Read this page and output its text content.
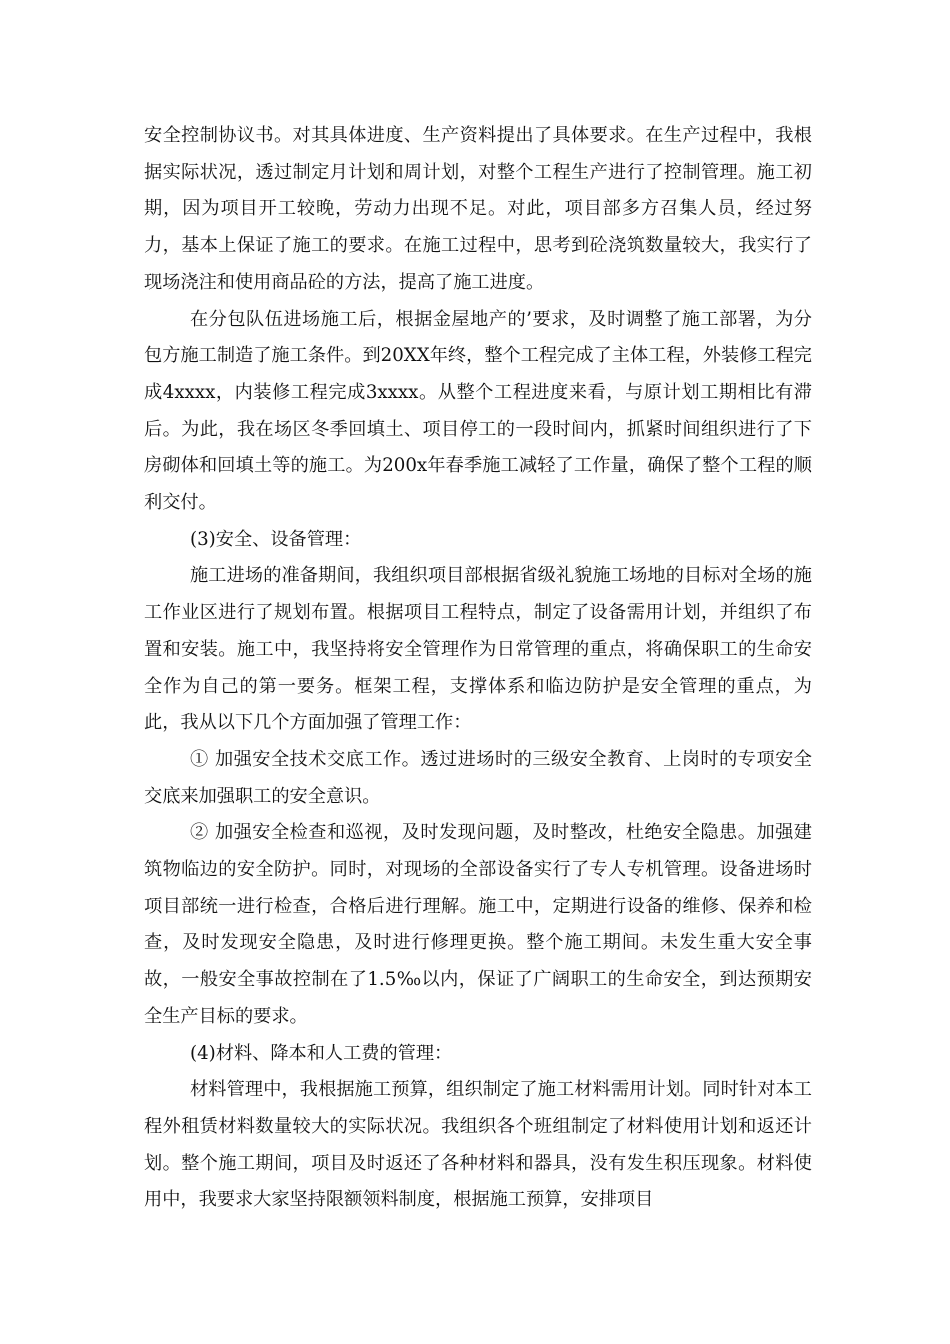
安全控制协议书。对其具体进度、生产资料提出了具体要求。在生产过程中，我根据实际状况，透过制定月计划和周计划，对整个工程生产进行了控制管理。施工初期，因为项目开工较晚，劳动力出现不足。对此，项目部多方召集人员，经过努力，基本上保证了施工的要求。在施工过程中，思考到砼浇筑数量较大，我实行了现场浇注和使用商品砼的方法，提高了施工进度。

在分包队伍进场施工后，根据金屋地产的’要求，及时调整了施工部署，为分包方施工制造了施工条件。到20XX年终，整个工程完成了主体工程，外装修工程完成4xxxx，内装修工程完成3xxxx。从整个工程进度来看，与原计划工期相比有滞后。为此，我在场区冬季回填土、项目停工的一段时间内，抓紧时间组织进行了下房砌体和回填土等的施工。为200x年春季施工减轻了工作量，确保了整个工程的顺利交付。

(3)安全、设备管理：

施工进场的准备期间，我组织项目部根据省级礼貌施工场地的目标对全场的施工作业区进行了规划布置。根据项目工程特点，制定了设备需用计划，并组织了布置和安装。施工中，我坚持将安全管理作为日常管理的重点，将确保职工的生命安全作为自己的第一要务。框架工程，支撑体系和临边防护是安全管理的重点，为此，我从以下几个方面加强了管理工作：

① 加强安全技术交底工作。透过进场时的三级安全教育、上岗时的专项安全交底来加强职工的安全意识。

② 加强安全检查和巡视，及时发现问题，及时整改，杜绝安全隐患。加强建筑物临边的安全防护。同时，对现场的全部设备实行了专人专机管理。设备进场时项目部统一进行检查，合格后进行理解。施工中，定期进行设备的维修、保养和检查，及时发现安全隐患，及时进行修理更换。整个施工期间。未发生重大安全事故，一般安全事故控制在了1.5‰以内，保证了广阔职工的生命安全，到达预期安全生产目标的要求。

(4)材料、降本和人工费的管理：

材料管理中，我根据施工预算，组织制定了施工材料需用计划。同时针对本工程外租赁材料数量较大的实际状况。我组织各个班组制定了材料使用计划和返还计划。整个施工期间，项目及时返还了各种材料和器具，没有发生积压现象。材料使用中，我要求大家坚持限额领料制度，根据施工预算，安排项目
